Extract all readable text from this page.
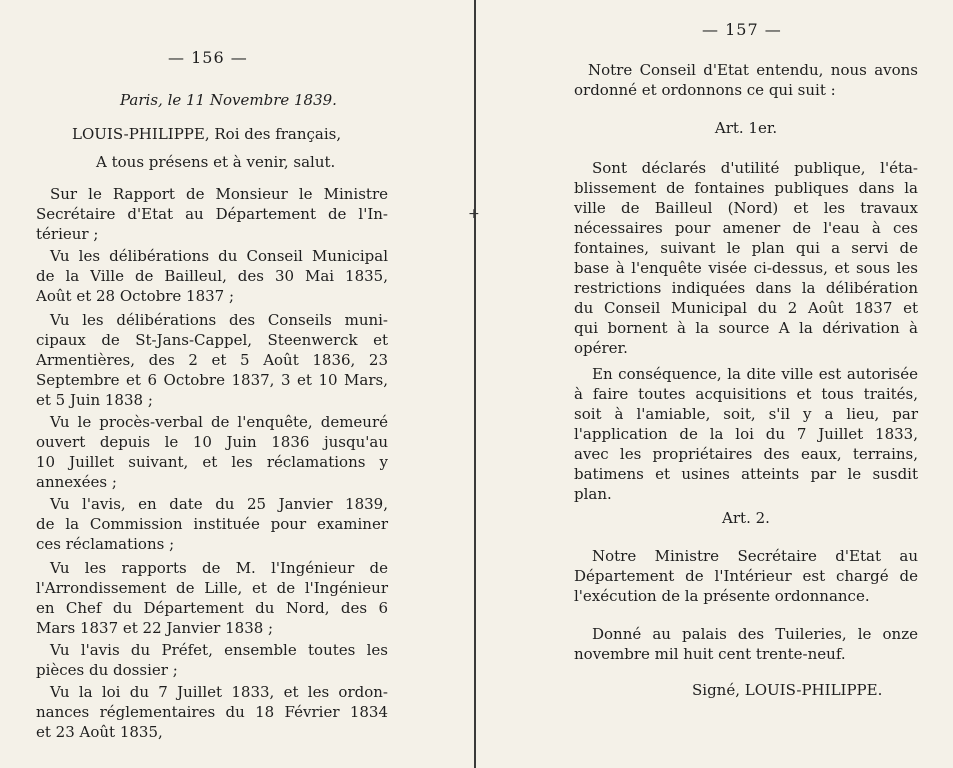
+
— 156 —
Paris, le 11 Novembre 1839.
LOUIS-PHILIPPE, Roi des français,
A tous présens et à venir, salut.
Sur le Rapport de Monsieur le Ministre
Secrétaire d'Etat au Département de l'In-
térieur ;
Vu les délibérations du Conseil Municipal
de la Ville de Bailleul, des 30 Mai 1835,
Août et 28 Octobre 1837 ;
Vu les délibérations des Conseils muni-
cipaux de St-Jans-Cappel, Steenwerck et
Armentières, des 2 et 5 Août 1836, 23
Septembre et 6 Octobre 1837, 3 et 10 Mars,
et 5 Juin 1838 ;
Vu le procès-verbal de l'enquête, demeuré
ouvert depuis le 10 Juin 1836 jusqu'au
10 Juillet suivant, et les réclamations y
annexées ;
Vu l'avis, en date du 25 Janvier 1839,
de la Commission instituée pour examiner
ces réclamations ;
Vu les rapports de M. l'Ingénieur de
l'Arrondissement de Lille, et de l'Ingénieur
en Chef du Département du Nord, des 6
Mars 1837 et 22 Janvier 1838 ;
Vu l'avis du Préfet, ensemble toutes les
pièces du dossier ;
Vu la loi du 7 Juillet 1833, et les ordon-
nances réglementaires du 18 Février 1834
et 23 Août 1835,
— 157 —
Notre Conseil d'Etat entendu, nous avons
ordonné et ordonnons ce qui suit :
Art. 1er.
Sont déclarés d'utilité publique, l'éta-
blissement de fontaines publiques dans la
ville de Bailleul (Nord) et les travaux
nécessaires pour amener de l'eau à ces
fontaines, suivant le plan qui a servi de
base à l'enquête visée ci-dessus, et sous les
restrictions indiquées dans la délibération
du Conseil Municipal du 2 Août 1837 et
qui bornent à la source A la dérivation à
opérer.
En conséquence, la dite ville est autorisée
à faire toutes acquisitions et tous traités,
soit à l'amiable, soit, s'il y a lieu, par
l'application de la loi du 7 Juillet 1833,
avec les propriétaires des eaux, terrains,
batimens et usines atteints par le susdit
plan.
Art. 2.
Notre Ministre Secrétaire d'Etat au
Département de l'Intérieur est chargé de
l'exécution de la présente ordonnance.
Donné au palais des Tuileries, le onze
novembre mil huit cent trente-neuf.
Signé, LOUIS-PHILIPPE.
